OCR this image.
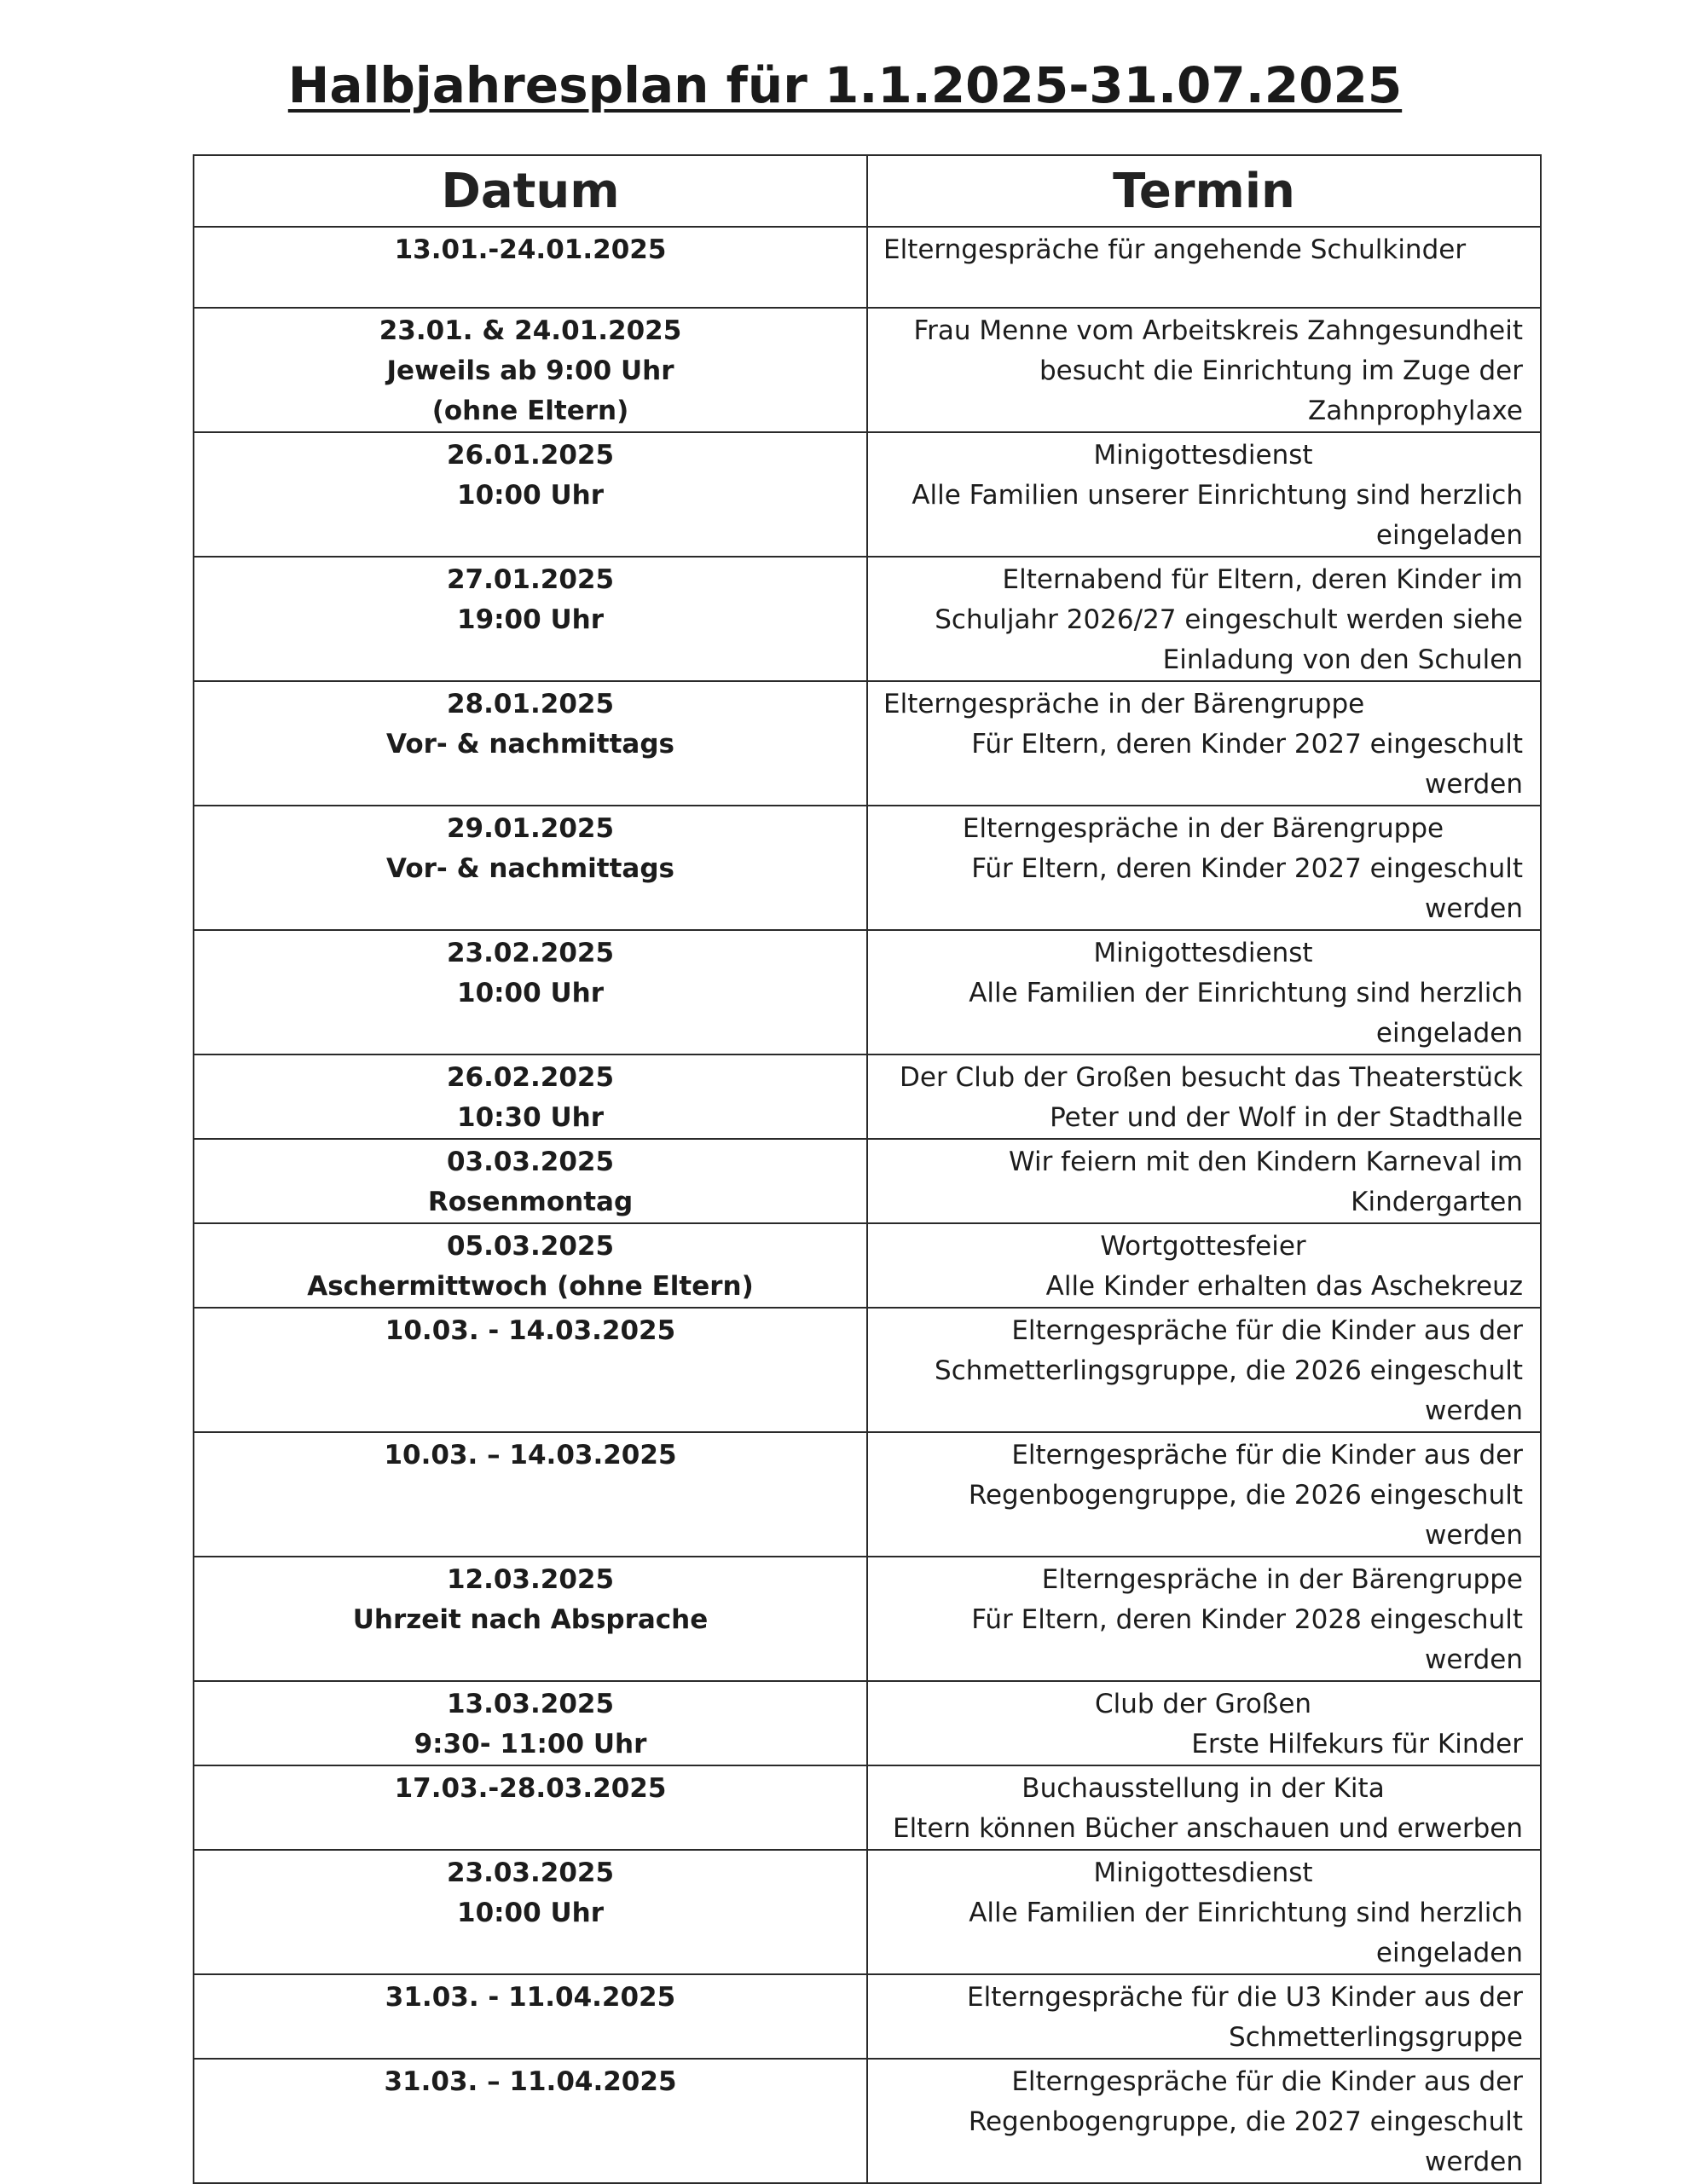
Halbjahresplan für 1.1.2025-31.07.2025
Datum	Termin

13.01.-24.01.2025	Elterngespräche für angehende Schulkinder

23.01. & 24.01.2025
Jeweils ab 9:00 Uhr
(ohne Eltern)	Frau Menne vom Arbeitskreis Zahngesundheit
besucht die Einrichtung im Zuge der
Zahnprophylaxe

26.01.2025
10:00 Uhr	Minigottesdienst
Alle Familien unserer Einrichtung sind herzlich
eingeladen

27.01.2025
19:00 Uhr	Elternabend für Eltern, deren Kinder im
Schuljahr 2026/27 eingeschult werden siehe
Einladung von den Schulen

28.01.2025
Vor- & nachmittags	Elterngespräche in der Bärengruppe
Für Eltern, deren Kinder 2027 eingeschult
werden

29.01.2025
Vor- & nachmittags	Elterngespräche in der Bärengruppe
Für Eltern, deren Kinder 2027 eingeschult
werden

23.02.2025
10:00 Uhr	Minigottesdienst
Alle Familien der Einrichtung sind herzlich
eingeladen

26.02.2025
10:30 Uhr	Der Club der Großen besucht das Theaterstück
Peter und der Wolf in der Stadthalle

03.03.2025
Rosenmontag	Wir feiern mit den Kindern Karneval im
Kindergarten

05.03.2025
Aschermittwoch (ohne Eltern)	Wortgottesfeier
Alle Kinder erhalten das Aschekreuz

10.03. - 14.03.2025	Elterngespräche für die Kinder aus der
Schmetterlingsgruppe, die 2026 eingeschult
werden

10.03. – 14.03.2025	Elterngespräche für die Kinder aus der
Regenbogengruppe, die 2026 eingeschult
werden

12.03.2025
Uhrzeit nach Absprache	Elterngespräche in der Bärengruppe
Für Eltern, deren Kinder 2028 eingeschult
werden

13.03.2025
9:30- 11:00 Uhr	Club der Großen
Erste Hilfekurs für Kinder

17.03.-28.03.2025	Buchausstellung in der Kita
Eltern können Bücher anschauen und erwerben

23.03.2025
10:00 Uhr	Minigottesdienst
Alle Familien der Einrichtung sind herzlich
eingeladen

31.03. - 11.04.2025	Elterngespräche für die U3 Kinder aus der
Schmetterlingsgruppe

31.03. – 11.04.2025	Elterngespräche für die Kinder aus der
Regenbogengruppe, die 2027 eingeschult
werden
